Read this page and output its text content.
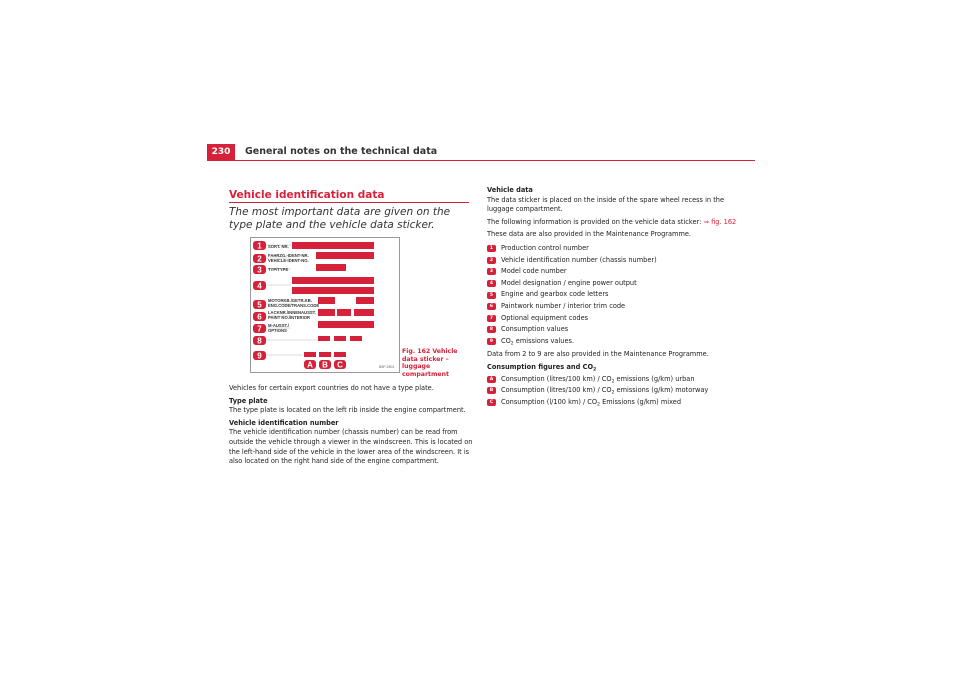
230	General notes on the technical data
Vehicle identification data
The most important data are given on the type plate and the vehicle data sticker.
1
2
3
4
5
6
7
8
9
A B C
SORT. NR.
FAHRZG.-IDENT-NR.
VEHICLE-IDENT-NO.
TYP/TYPE
MOTORKB./GETR.KB.
ENG.CODE/TRANS.CODE
LACKNR./INNENAUSST.
PAINT NO./INTERIOR
M-AUSST./
OPTIONS
B5P-0501
Fig. 162 Vehicle data sticker – luggage compartment

Vehicles for certain export countries do not have a type plate.

Type plate
The type plate is located on the left rib inside the engine compartment.

Vehicle identification number
The vehicle identification number (chassis number) can be read from outside the vehicle through a viewer in the windscreen. This is located on the left-hand side of the vehicle in the lower area of the windscreen. It is also located on the right hand side of the engine compartment.

Vehicle data
The data sticker is placed on the inside of the spare wheel recess in the luggage compartment.

The following information is provided on the vehicle data sticker: ⇒ fig. 162

These data are also provided in the Maintenance Programme.

1	Production control number
2	Vehicle identification number (chassis number)
3	Model code number
4	Model designation / engine power output
5	Engine and gearbox code letters
6	Paintwork number / interior trim code
7	Optional equipment codes
8	Consumption values
9	$CO_2$ emissions values.

Data from 2 to 9 are also provided in the Maintenance Programme.

Consumption figures and $CO_2$

A	Consumption (litres/100 $km) / CO_2$ emissions (g/km) urban
B	Consumption (litres/100 $km) / CO_2$ emissions (g/km) motorway
C	Consumption (l/100 $km) / CO_2$ Emissions (g/km) mixed
